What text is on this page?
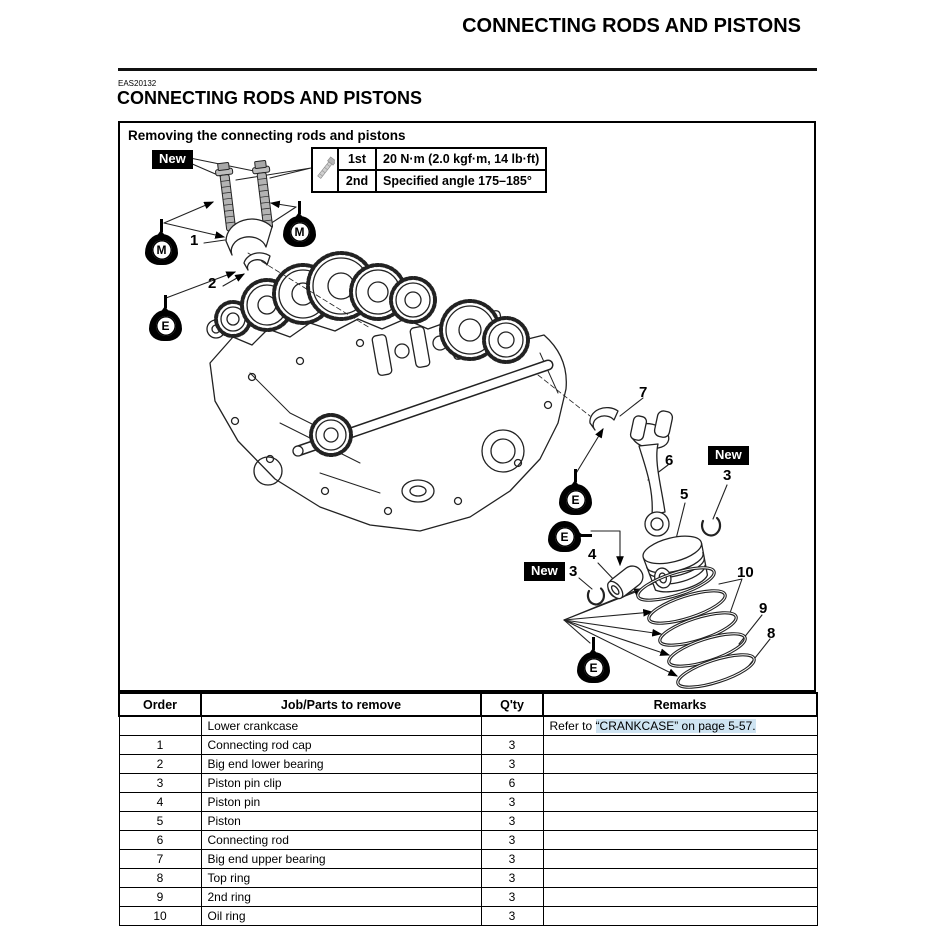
CONNECTING RODS AND PISTONS
EAS20132
CONNECTING RODS AND PISTONS
Removing the connecting rods and pistons
	1st	20 N·m (2.0 kgf·m, 14 lb·ft)
	2nd	Specified angle 175–185°
New
New
New
1
2
7
6
3
5
4
3	10
9
8
M
M
E
E
E
E
Order	Job/Parts to remove	Q'ty	Remarks
	Lower crankcase		Refer to “CRANKCASE” on page 5-57.
1	Connecting rod cap	3	
2	Big end lower bearing	3	
3	Piston pin clip	6	
4	Piston pin	3	
5	Piston	3	
6	Connecting rod	3	
7	Big end upper bearing	3	
8	Top ring	3	
9	2nd ring	3	
10	Oil ring	3	
